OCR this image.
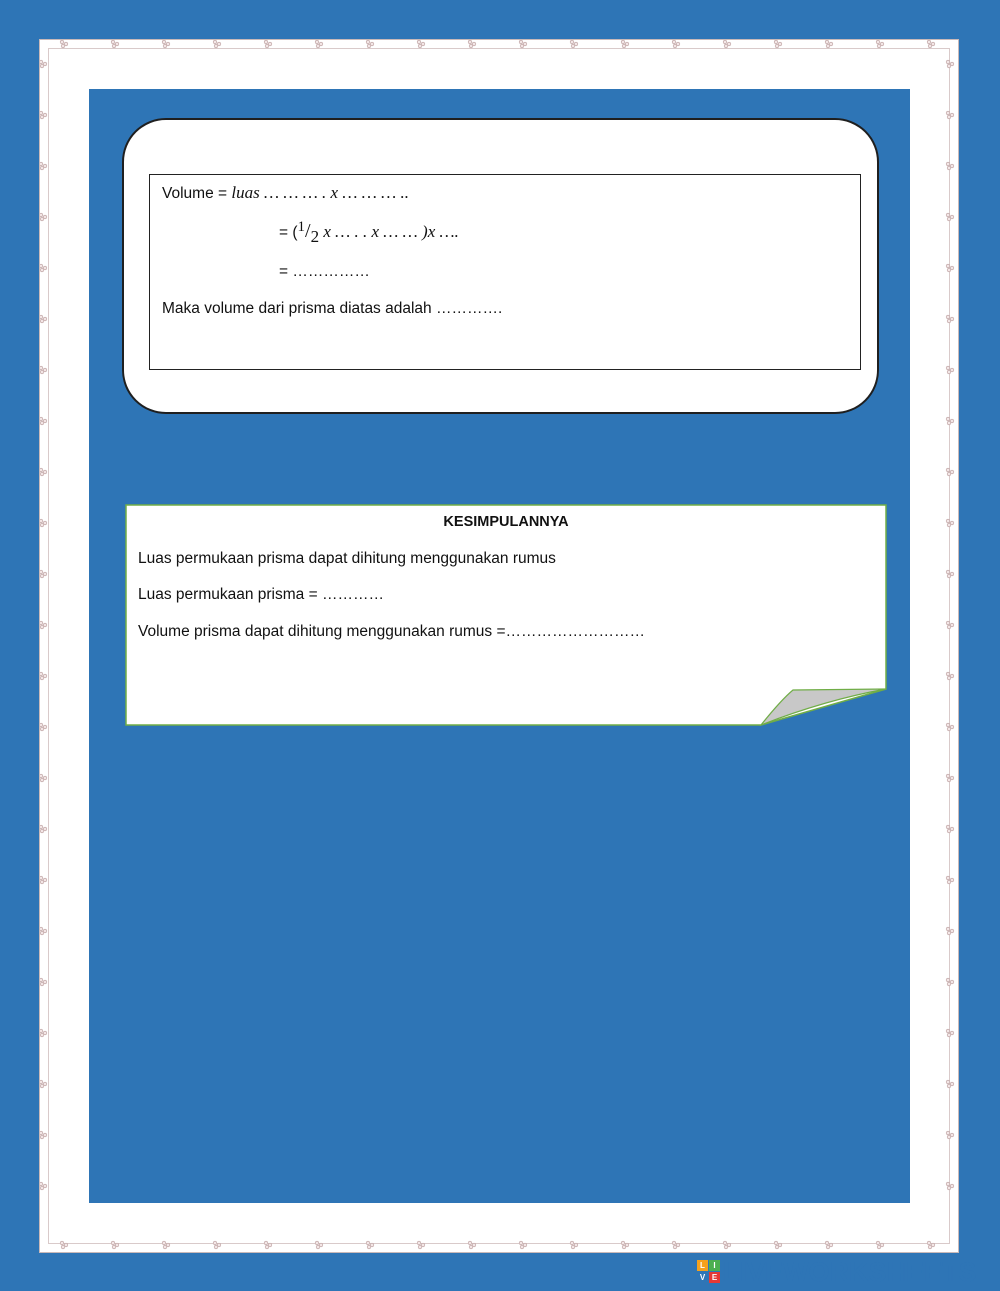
Volume = luas … … … . x … … … ..
= (1/2 x … . . x … … )x ….
= ……………
Maka volume dari prisma diatas adalah ………….
KESIMPULANNYA
Luas permukaan prisma dapat dihitung menggunakan rumus
Luas permukaan prisma = …………
Volume prisma dapat dihitung menggunakan rumus =………………………
L	I
V E LIVEWORKSHEETS
